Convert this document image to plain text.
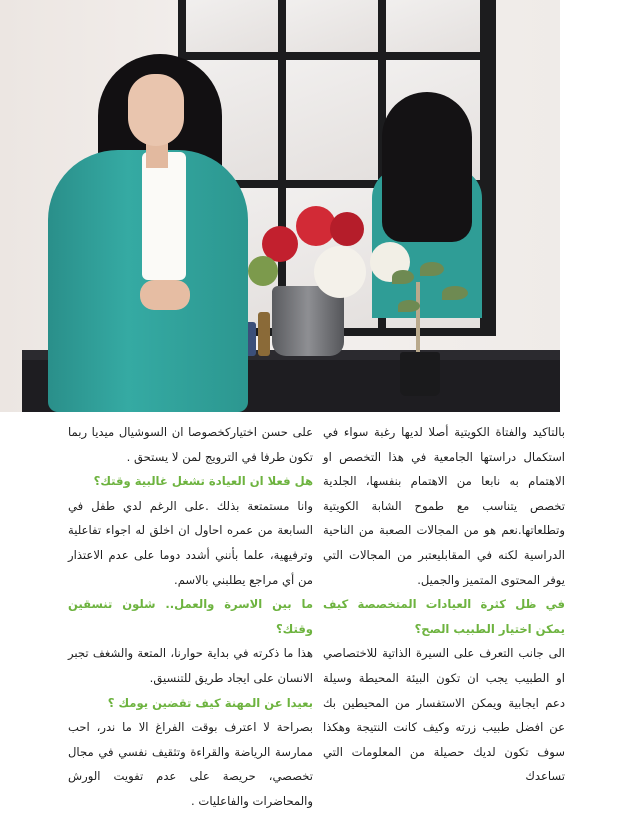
بالتاكيد والفتاة الكويتية أصلا لديها رغبة سواء في استكمال دراستها الجامعية في هذا التخصص او الاهتمام به نابعا من الاهتمام بنفسها، الجلدية تخصص يتناسب مع طموح الشابة الكويتية وتطلعاتها.نعم هو من المجالات الصعبة من الناحية الدراسية لكنه في المقابليعتبر من المجالات التي يوفر المحتوى المتميز والجميل.

في ظل كثرة العيادات المتخصصة كيف يمكن اختيار الطبيب الصح؟

الى جانب التعرف على السيرة الذاتية للاختصاصي او الطبيب يجب ان تكون البيئة المحيطة وسيلة دعم ايجابية ويمكن الاستفسار من المحيطين بك عن افضل طبيب زرته وكيف كانت النتيجة وهكذا سوف تكون لديك حصيلة من المعلومات التي تساعدك

على حسن اختياركخصوصا ان السوشيال ميديا ربما تكون طرفا في الترويج لمن لا يستحق .

هل فعلا ان العيادة تشغل غالبية وقتك؟

وانا مستمتعة بذلك .على الرغم لدي طفل في السابعة من عمره احاول ان اخلق له اجواء تفاعلية وترفيهية، علما بأنني أشدد دوما على عدم الاعتذار من أي مراجع يطلبني بالاسم.

ما بين الاسرة والعمل.. شلون تنسقين وقتك؟

هذا ما ذكرته في بداية حوارنا، المتعة والشغف تجبر الانسان على ايجاد طريق للتنسيق.

بعيدا عن المهنة كيف تقضين يومك ؟

بصراحة لا اعترف بوقت الفراغ الا ما ندر، احب ممارسة الرياضة والقراءة وتثقيف نفسي في مجال تخصصي، حريصة على عدم تفويت الورش والمحاضرات والفاعليات .
